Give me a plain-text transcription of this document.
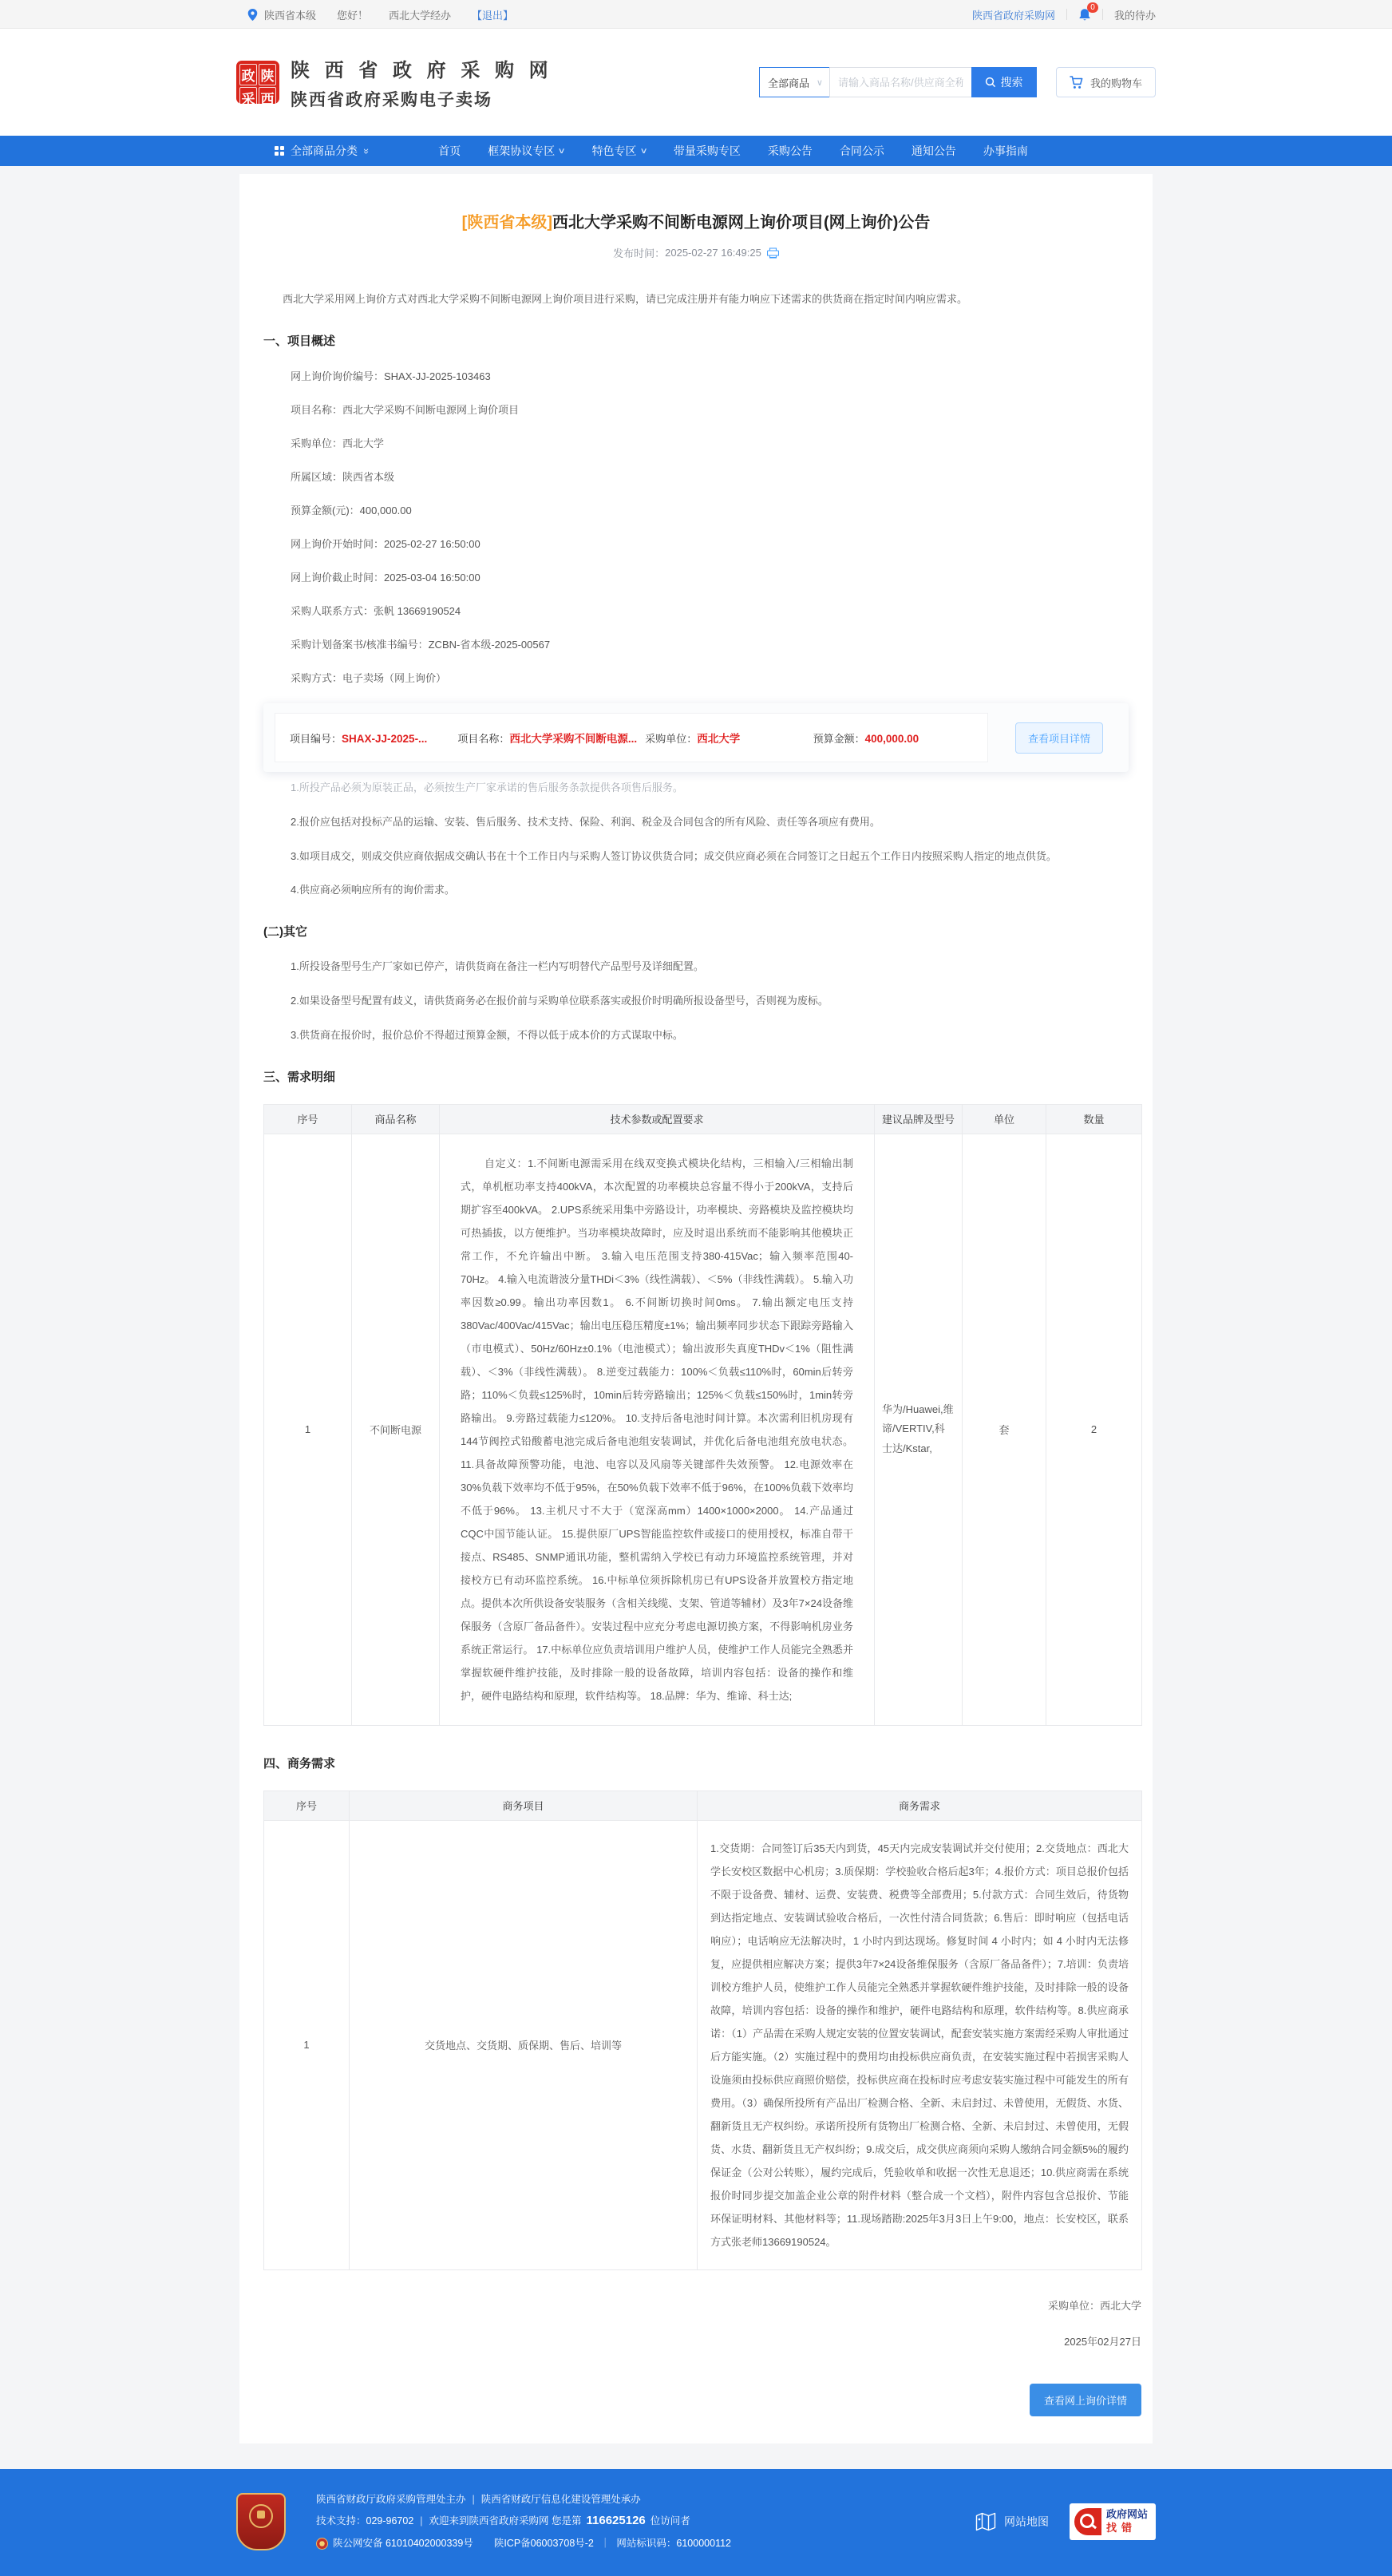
陕西省本级 您好！ 西北大学经办 【退出】	陕西省政府采购网
0
我的待办
政 陕
采 西
陕 西 省 政 府 采 购 网
陕西省政府采购电子卖场
全部商品 ∨
请输入商品名称/供应商全称	搜索	我的购物车
全部商品分类 »	首页 框架协议专区 ∨ 特色专区 ∨ 带量采购专区 采购公告 合同公示 通知公告 办事指南
[陕西省本级]西北大学采购不间断电源网上询价项目(网上询价)公告
发布时间： 2025-02-27 16:49:25

西北大学采用网上询价方式对西北大学采购不间断电源网上询价项目进行采购，请已完成注册并有能力响应下述需求的供货商在指定时间内响应需求。

一、项目概述
网上询价询价编号：SHAX-JJ-2025-103463
项目名称：西北大学采购不间断电源网上询价项目
采购单位：西北大学
所属区域：陕西省本级
预算金额(元)：400,000.00
网上询价开始时间：2025-02-27 16:50:00
网上询价截止时间：2025-03-04 16:50:00
采购人联系方式：张帆 13669190524
采购计划备案书/核准书编号：ZCBN-省本级-2025-00567
采购方式：电子卖场（网上询价）
项目编号：SHAX-JJ-2025-...	项目名称：西北大学采购不间断电源... 采购单位：西北大学	预算金额：400,000.00	查看项目详情
1.所投产品必须为原装正品，必须按生产厂家承诺的售后服务条款提供各项售后服务。
2.报价应包括对投标产品的运输、安装、售后服务、技术支持、保险、利润、税金及合同包含的所有风险、责任等各项应有费用。
3.如项目成交，则成交供应商依据成交确认书在十个工作日内与采购人签订协议供货合同；成交供应商必须在合同签订之日起五个工作日内按照采购人指定的地点供货。
4.供应商必须响应所有的询价需求。
(二)其它
1.所投设备型号生产厂家如已停产，请供货商在备注一栏内写明替代产品型号及详细配置。
2.如果设备型号配置有歧义，请供货商务必在报价前与采购单位联系落实或报价时明确所报设备型号，否则视为废标。
3.供货商在报价时，报价总价不得超过预算金额，不得以低于成本价的方式谋取中标。
三、需求明细
序号	商品名称	技术参数或配置要求	建议品牌及型号	单位	数量
1	不间断电源	自定义：1.不间断电源需采用在线双变换式模块化结构，三相输入/三相输出制式，单机框功率支持400kVA，本次配置的功率模块总容量不得小于200kVA，支持后期扩容至400kVA。 2.UPS系统采用集中旁路设计，功率模块、旁路模块及监控模块均可热插拔，以方便维护。当功率模块故障时，应及时退出系统而不能影响其他模块正常工作，不允许输出中断。 3.输入电压范围支持380-415Vac；输入频率范围40-70Hz。 4.输入电流谐波分量THDi＜3%（线性满载）、＜5%（非线性满载）。 5.输入功率因数≥0.99。输出功率因数1。 6.不间断切换时间0ms。 7.输出额定电压支持380Vac/400Vac/415Vac；输出电压稳压精度±1%；输出频率同步状态下跟踪旁路输入（市电模式）、50Hz/60Hz±0.1%（电池模式）；输出波形失真度THDv＜1%（阻性满载）、＜3%（非线性满载）。 8.逆变过载能力：100%＜负载≤110%时，60min后转旁路；110%＜负载≤125%时，10min后转旁路输出；125%＜负载≤150%时，1min转旁路输出。 9.旁路过载能力≤120%。 10.支持后备电池时间计算。本次需利旧机房现有144节阀控式铅酸蓄电池完成后备电池组安装调试，并优化后备电池组充放电状态。 11.具备故障预警功能，电池、电容以及风扇等关键部件失效预警。 12.电源效率在30%负载下效率均不低于95%，在50%负载下效率不低于96%，在100%负载下效率均不低于96%。 13.主机尺寸不大于（宽深高mm）1400×1000×2000。 14.产品通过CQC中国节能认证。 15.提供原厂UPS智能监控软件或接口的使用授权，标准自带干接点、RS485、SNMP通讯功能，整机需纳入学校已有动力环境监控系统管理，并对接校方已有动环监控系统。 16.中标单位须拆除机房已有UPS设备并放置校方指定地点。提供本次所供设备安装服务（含相关线缆、支架、管道等辅材）及3年7×24设备维保服务（含原厂备品备件）。安装过程中应充分考虑电源切换方案，不得影响机房业务系统正常运行。 17.中标单位应负责培训用户维护人员，使维护工作人员能完全熟悉并掌握软硬件维护技能，及时排除一般的设备故障，培训内容包括：设备的操作和维护，硬件电路结构和原理，软件结构等。 18.品牌：华为、维谛、科士达;	华为/Huawei,维谛/VERTIV,科士达/Kstar,	套	2
四、商务需求
序号	商务项目	商务需求
1	交货地点、交货期、质保期、售后、培训等	1.交货期：合同签订后35天内到货，45天内完成安装调试并交付使用；2.交货地点：西北大学长安校区数据中心机房；3.质保期：学校验收合格后起3年；4.报价方式：项目总报价包括不限于设备费、辅材、运费、安装费、税费等全部费用；5.付款方式：合同生效后，待货物到达指定地点、安装调试验收合格后，一次性付清合同货款；6.售后：即时响应（包括电话响应）；电话响应无法解决时，1 小时内到达现场。修复时间 4 小时内；如 4 小时内无法修复，应提供相应解决方案；提供3年7×24设备维保服务（含原厂备品备件）；7.培训：负责培训校方维护人员，使维护工作人员能完全熟悉并掌握软硬件维护技能，及时排除一般的设备故障，培训内容包括：设备的操作和维护，硬件电路结构和原理，软件结构等。8.供应商承诺：（1）产品需在采购人规定安装的位置安装调试，配套安装实施方案需经采购人审批通过后方能实施。（2）实施过程中的费用均由投标供应商负责，在安装实施过程中若损害采购人设施须由投标供应商照价赔偿，投标供应商在投标时应考虑安装实施过程中可能发生的所有费用。（3）确保所投所有产品出厂检测合格、全新、未启封过、未曾使用，无假货、水货、翻新货且无产权纠纷。承诺所投所有货物出厂检测合格、全新、未启封过、未曾使用，无假货、水货、翻新货且无产权纠纷；9.成交后，成交供应商须向采购人缴纳合同金额5%的履约保证金（公对公转账），履约完成后，凭验收单和收据一次性无息退还；10.供应商需在系统报价时同步提交加盖企业公章的附件材料（整合成一个文档），附件内容包含总报价、节能环保证明材料、其他材料等；11.现场踏勘:2025年3月3日上午9:00，地点：长安校区，联系方式张老师13669190524。
采购单位：西北大学
2025年02月27日
查看网上询价详情
陕西省财政厅政府采购管理处主办 | 陕西省财政厅信息化建设管理处承办
技术支持：029-96702 | 欢迎来到陕西省政府采购网 您是第 116625126 位访问者
陕公网安备 61010402000339号 陕ICP备06003708号-2 ｜ 网站标识码：6100000112
网站地图
政府网站
找错
